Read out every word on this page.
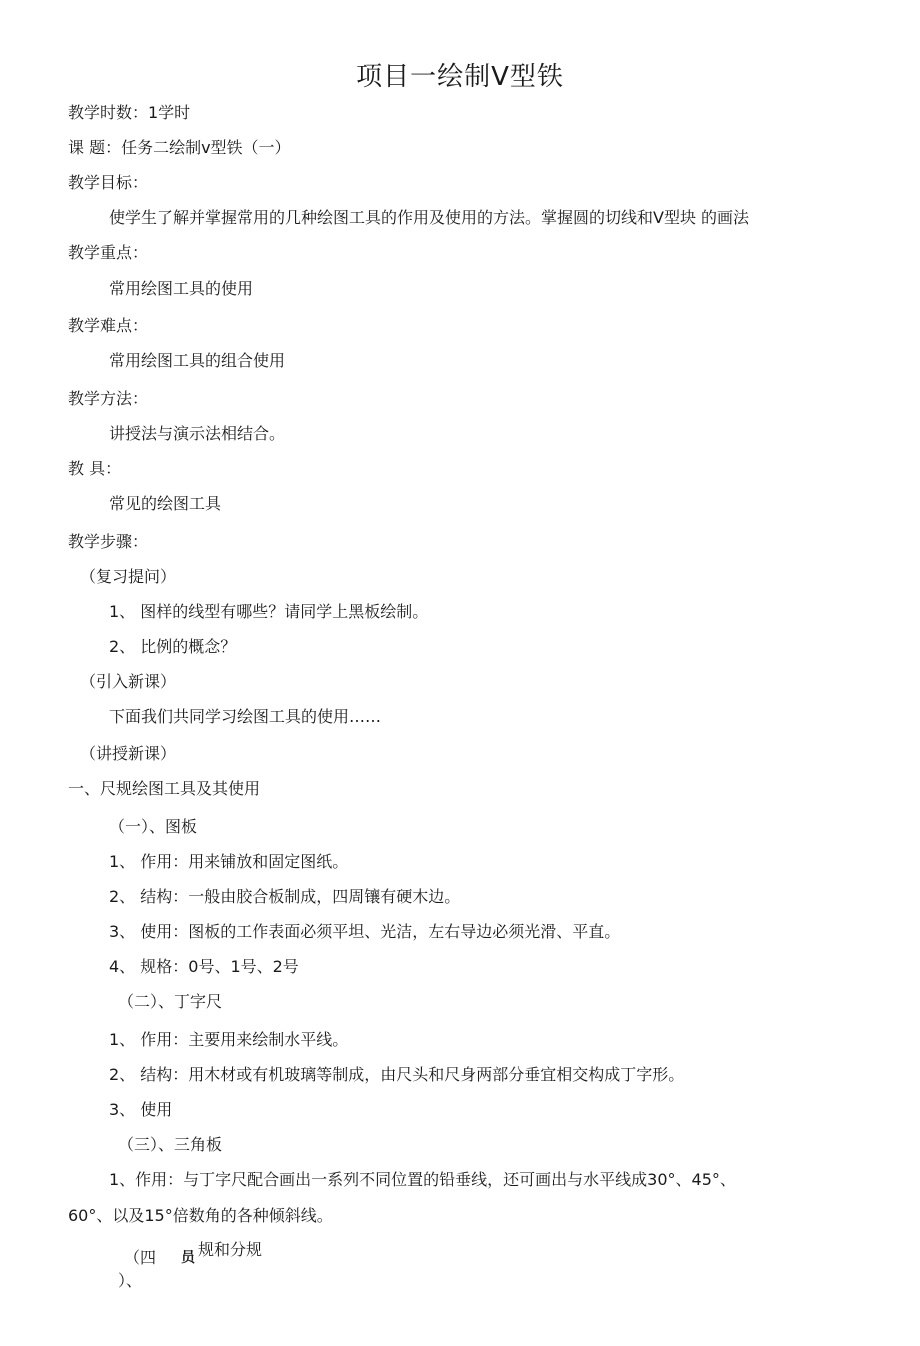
项目一绘制V型铁
教学时数：1学时
课 题：任务二绘制v型铁（一）
教学目标：
使学生了解并掌握常用的几种绘图工具的作用及使用的方法。掌握圆的切线和V型块 的画法
教学重点：
常用绘图工具的使用
教学难点：
常用绘图工具的组合使用
教学方法：
讲授法与演示法相结合。
教 具：
常见的绘图工具
教学步骤：
（复习提问）
1、 图样的线型有哪些？请同学上黑板绘制。
2、 比例的概念？
（引入新课）
下面我们共同学习绘图工具的使用……
（讲授新课）
一、尺规绘图工具及其使用
（一）、图板
1、 作用：用来铺放和固定图纸。
2、 结构：一般由胶合板制成，四周镶有硬木边。
3、 使用：图板的工作表面必须平坦、光洁，左右导边必须光滑、平直。
4、 规格：0号、1号、2号
（二）、丁字尺
1、 作用：主要用来绘制水平线。
2、 结构：用木材或有机玻璃等制成，由尺头和尺身两部分垂宜相交构成丁字形。
3、 使用
（三）、三角板
1、作用：与丁字尺配合画出一系列不同位置的铅垂线，还可画出与水平线成30°、45°、
60°、以及15°倍数角的各种倾斜线。
（四 员 规和分规
）、
